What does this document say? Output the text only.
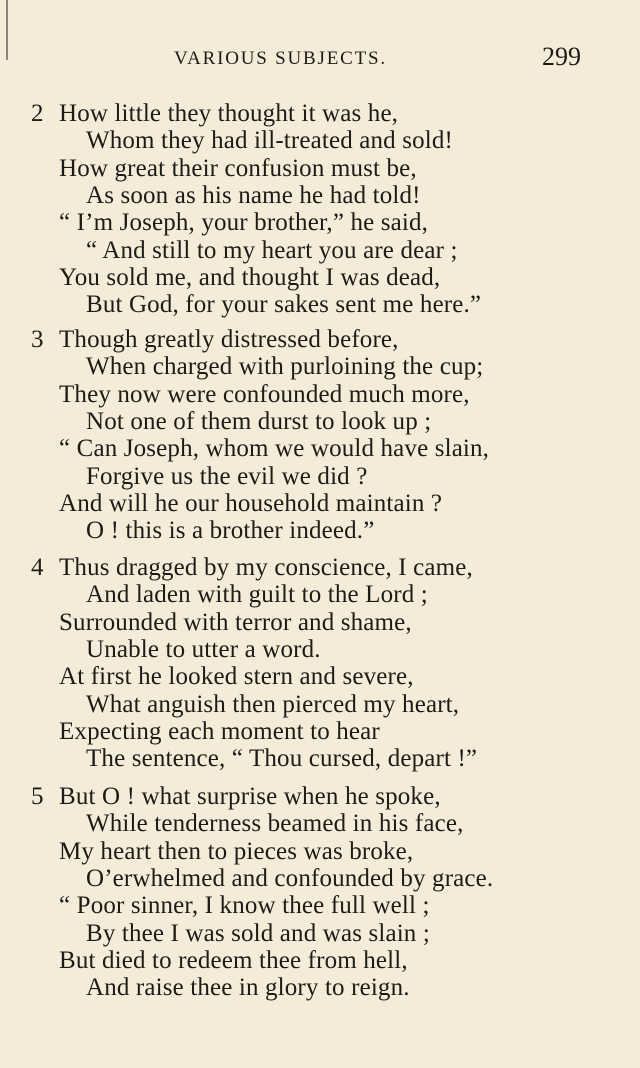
VARIOUS SUBJECTS.	299
2 How little they thought it was he,
Whom they had ill-treated and sold!
How great their confusion must be,
As soon as his name he had told!
“ I’m Joseph, your brother,” he said,
“ And still to my heart you are dear ;
You sold me, and thought I was dead,
But God, for your sakes sent me here.”
3 Though greatly distressed before,
When charged with purloining the cup;
They now were confounded much more,
Not one of them durst to look up ;
“ Can Joseph, whom we would have slain,
Forgive us the evil we did ?
And will he our household maintain ?
O ! this is a brother indeed.”
4 Thus dragged by my conscience, I came,
And laden with guilt to the Lord ;
Surrounded with terror and shame,
Unable to utter a word.
At first he looked stern and severe,
What anguish then pierced my heart,
Expecting each moment to hear
The sentence, “ Thou cursed, depart !”
5 But O ! what surprise when he spoke,
While tenderness beamed in his face,
My heart then to pieces was broke,
O’erwhelmed and confounded by grace.
“ Poor sinner, I know thee full well ;
By thee I was sold and was slain ;
But died to redeem thee from hell,
And raise thee in glory to reign.
